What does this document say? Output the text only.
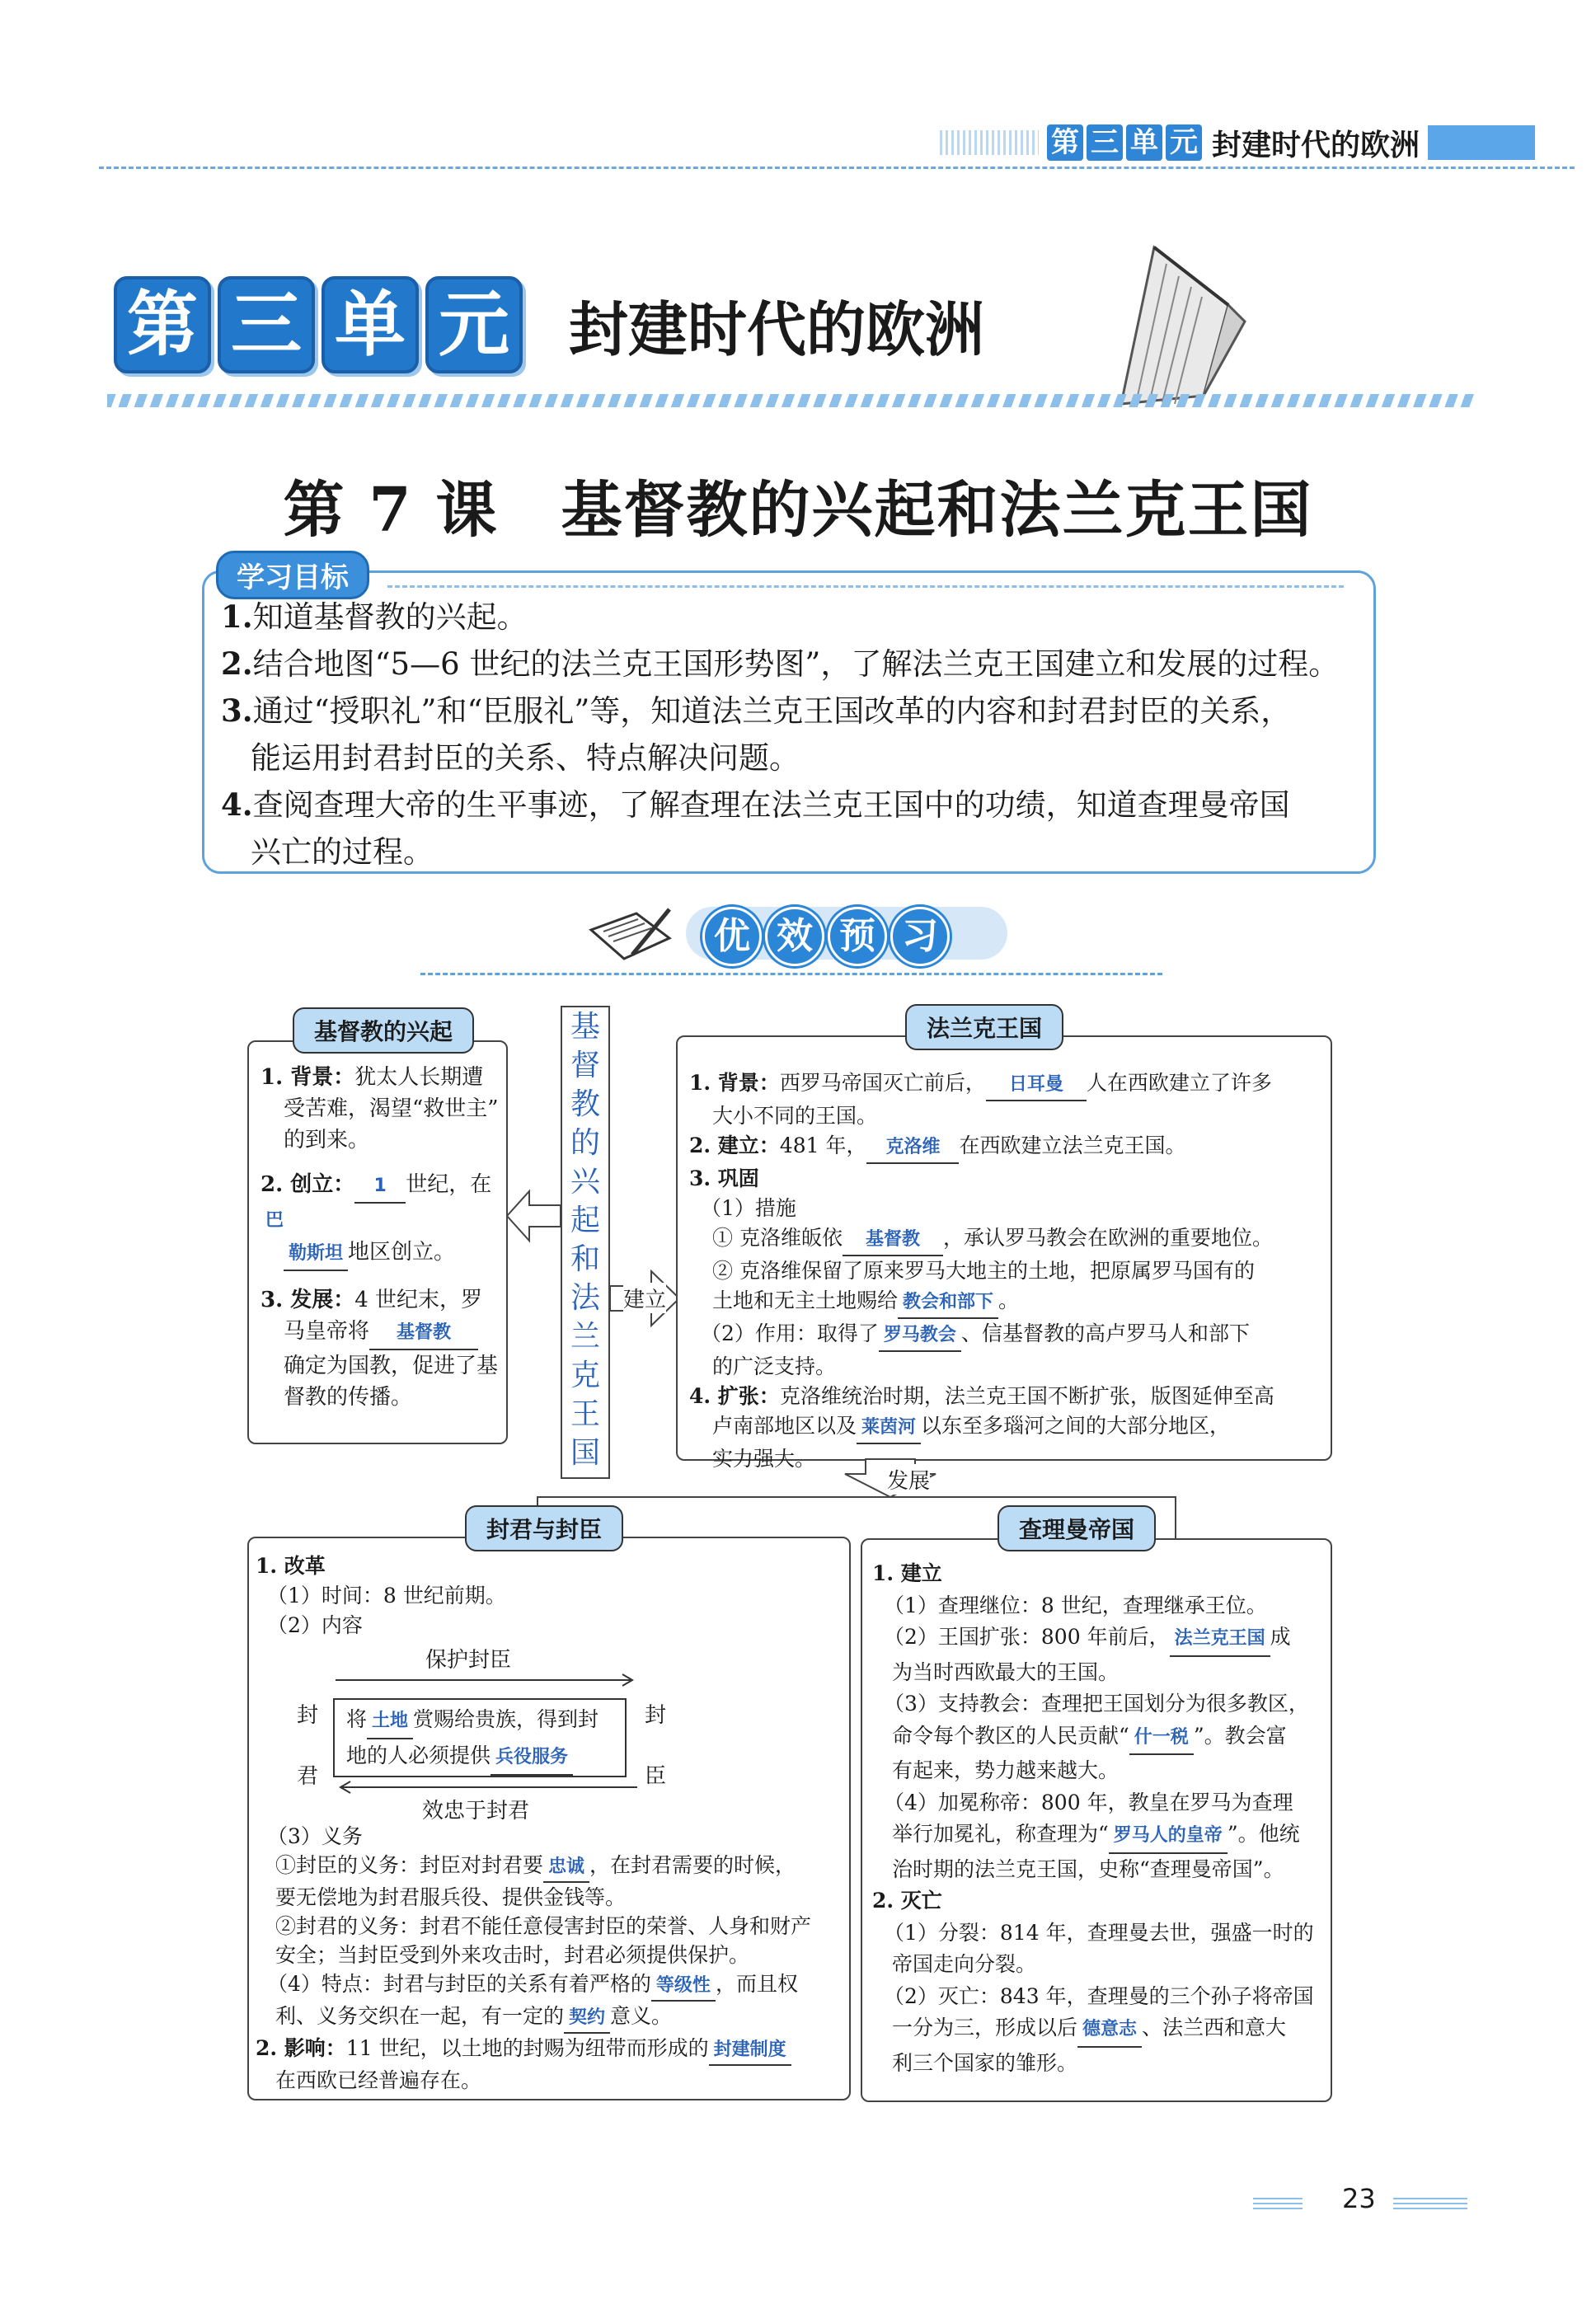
第 三 单 元 封建时代的欧洲
第 三 单 元 封建时代的欧洲
第 7 课　基督教的兴起和法兰克王国
学习目标

1.知道基督教的兴起。

2.结合地图“5—6 世纪的法兰克王国形势图”，了解法兰克王国建立和发展的过程。

3.通过“授职礼”和“臣服礼”等，知道法兰克王国改革的内容和封君封臣的关系，

能运用封君封臣的关系、特点解决问题。

4.查阅查理大帝的生平事迹，了解查理在法兰克王国中的功绩，知道查理曼帝国

兴亡的过程。

优 效 预 习
基督教的兴起
1. 背景：犹太人长期遭
受苦难，渴望“救世主”
的到来。
2. 创立： 1 世纪，在巴
勒斯坦 地区创立。
3. 发展：4 世纪末，罗
马皇帝将 基督教
确定为国教，促进了基
督教的传播。
基
督
教
的
兴
起
和
法
兰
克
王
国
建立
法兰克王国
1. 背景：西罗马帝国灭亡前后， 日耳曼 人在西欧建立了许多
大小不同的王国。
2. 建立：481 年， 克洛维 在西欧建立法兰克王国。
3. 巩固
（1）措施
① 克洛维皈依 基督教 ，承认罗马教会在欧洲的重要地位。
② 克洛维保留了原来罗马大地主的土地，把原属罗马国有的
土地和无主土地赐给 教会和部下 。
（2）作用：取得了 罗马教会 、信基督教的高卢罗马人和部下
的广泛支持。
4. 扩张：克洛维统治时期，法兰克王国不断扩张，版图延伸至高
卢南部地区以及 莱茵河 以东至多瑙河之间的大部分地区，
实力强大。
发展
封君与封臣
1. 改革
（1）时间：8 世纪前期。
（2）内容
保护封臣
封
君
封
臣
将 土地 赏赐给贵族，得到封
地的人必须提供 兵役服务
效忠于封君
（3）义务
①封臣的义务：封臣对封君要 忠诚 ，在封君需要的时候，
要无偿地为封君服兵役、提供金钱等。
②封君的义务：封君不能任意侵害封臣的荣誉、人身和财产
安全；当封臣受到外来攻击时，封君必须提供保护。
（4）特点：封君与封臣的关系有着严格的 等级性 ，而且权
利、义务交织在一起，有一定的 契约 意义。
2. 影响：11 世纪，以土地的封赐为纽带而形成的 封建制度
在西欧已经普遍存在。
查理曼帝国
1. 建立
（1）查理继位：8 世纪，查理继承王位。
（2）王国扩张：800 年前后， 法兰克王国 成
为当时西欧最大的王国。
（3）支持教会：查理把王国划分为很多教区，
命令每个教区的人民贡献“ 什一税 ”。教会富
有起来，势力越来越大。
（4）加冕称帝：800 年，教皇在罗马为查理
举行加冕礼，称查理为“ 罗马人的皇帝 ”。他统
治时期的法兰克王国，史称“查理曼帝国”。
2. 灭亡
（1）分裂：814 年，查理曼去世，强盛一时的
帝国走向分裂。
（2）灭亡：843 年，查理曼的三个孙子将帝国
一分为三，形成以后 德意志 、法兰西和意大
利三个国家的雏形。
23
